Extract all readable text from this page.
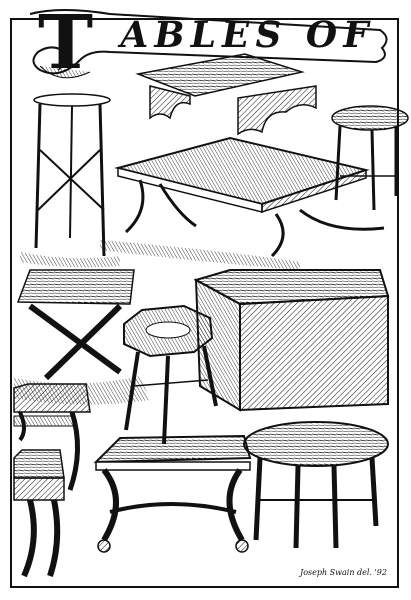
T ABLES OF
Joseph Swain del. '92
